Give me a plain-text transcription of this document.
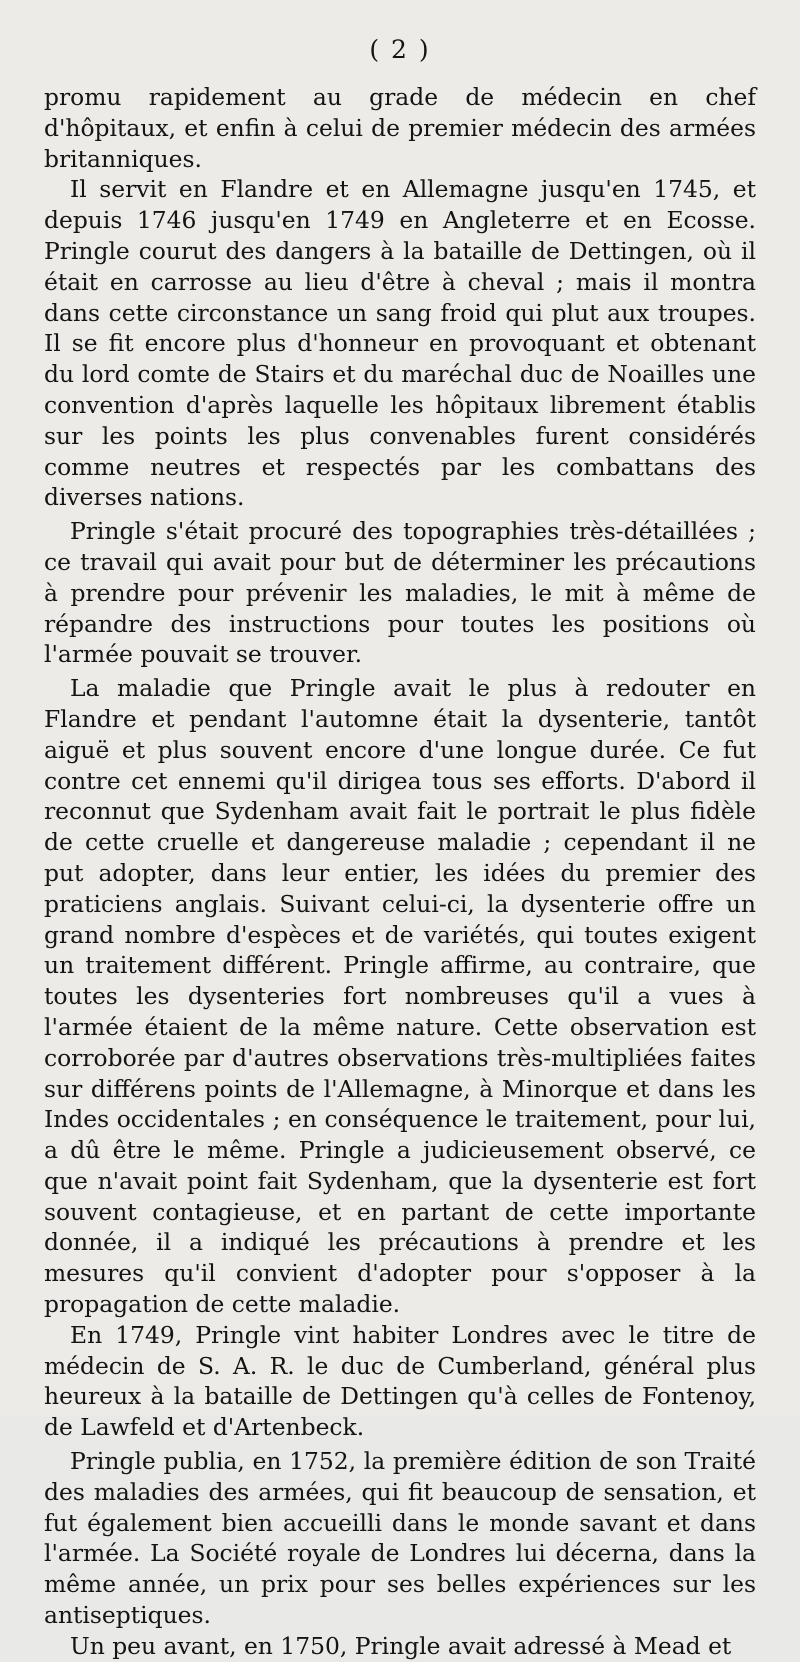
( 2 )

promu rapidement au grade de médecin en chef d'hôpitaux, et enfin à celui de premier médecin des armées britanniques.

Il servit en Flandre et en Allemagne jusqu'en 1745, et depuis 1746 jusqu'en 1749 en Angleterre et en Ecosse. Pringle courut des dangers à la bataille de Dettingen, où il était en carrosse au lieu d'être à cheval ; mais il montra dans cette circonstance un sang froid qui plut aux troupes. Il se fit encore plus d'honneur en provoquant et obtenant du lord comte de Stairs et du maréchal duc de Noailles une convention d'après laquelle les hôpitaux librement établis sur les points les plus convenables furent considérés comme neutres et respectés par les combattans des diverses nations.

Pringle s'était procuré des topographies très-détaillées ; ce travail qui avait pour but de déterminer les précautions à prendre pour prévenir les maladies, le mit à même de répandre des instructions pour toutes les positions où l'armée pouvait se trouver.

La maladie que Pringle avait le plus à redouter en Flandre et pendant l'automne était la dysenterie, tantôt aiguë et plus souvent encore d'une longue durée. Ce fut contre cet ennemi qu'il dirigea tous ses efforts. D'abord il reconnut que Sydenham avait fait le portrait le plus fidèle de cette cruelle et dangereuse maladie ; cependant il ne put adopter, dans leur entier, les idées du premier des praticiens anglais. Suivant celui-ci, la dysenterie offre un grand nombre d'espèces et de variétés, qui toutes exigent un traitement différent. Pringle affirme, au contraire, que toutes les dysenteries fort nombreuses qu'il a vues à l'armée étaient de la même nature. Cette observation est corroborée par d'autres observations très-multipliées faites sur différens points de l'Allemagne, à Minorque et dans les Indes occidentales ; en conséquence le traitement, pour lui, a dû être le même. Pringle a judicieusement observé, ce que n'avait point fait Sydenham, que la dysenterie est fort souvent contagieuse, et en partant de cette importante donnée, il a indiqué les précautions à prendre et les mesures qu'il convient d'adopter pour s'opposer à la propagation de cette maladie.

En 1749, Pringle vint habiter Londres avec le titre de médecin de S. A. R. le duc de Cumberland, général plus heureux à la bataille de Dettingen qu'à celles de Fontenoy, de Lawfeld et d'Artenbeck.

Pringle publia, en 1752, la première édition de son Traité des maladies des armées, qui fit beaucoup de sensation, et fut également bien accueilli dans le monde savant et dans l'armée. La Société royale de Londres lui décerna, dans la même année, un prix pour ses belles expériences sur les antiseptiques.

Un peu avant, en 1750, Pringle avait adressé à Mead et
